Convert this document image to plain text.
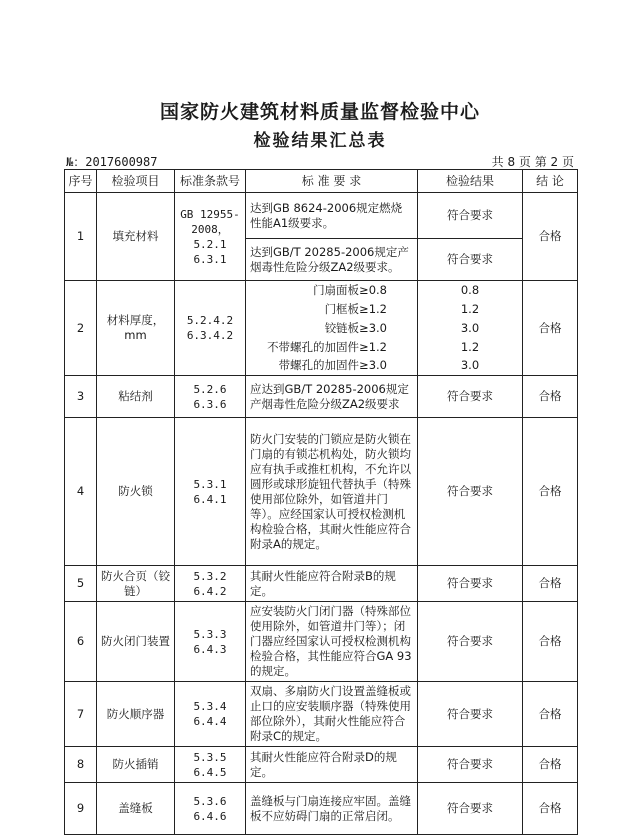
国家防火建筑材料质量监督检验中心
检验结果汇总表
№：2017600987	共 8 页 第 2 页
序号	检验项目	标准条款号	标 准 要 求	检验结果	结 论
1	填充材料	GB 12955-2008，5.2.1 6.3.1	达到GB 8624-2006规定燃烧性能A1级要求。	符合要求	合格
			达到GB/T 20285-2006规定产烟毒性危险分级ZA2级要求。	符合要求	
2	材料厚度，mm	5.2.4.2 6.3.4.2	门扇面板≥0.8	0.8	合格
			门框板≥1.2	1.2	
			铰链板≥3.0	3.0	
			不带螺孔的加固件≥1.2	1.2	
			带螺孔的加固件≥3.0	3.0	
3	粘结剂	5.2.6 6.3.6	应达到GB/T 20285-2006规定产烟毒性危险分级ZA2级要求	符合要求	合格
4	防火锁	5.3.1 6.4.1	防火门安装的门锁应是防火锁在门扇的有锁芯机构处，防火锁均应有执手或推杠机构，不允许以圆形或球形旋钮代替执手（特殊使用部位除外，如管道井门等）。应经国家认可授权检测机构检验合格，其耐火性能应符合附录A的规定。	符合要求	合格
5	防火合页（铰链）	5.3.2 6.4.2	其耐火性能应符合附录B的规定。	符合要求	合格
6	防火闭门装置	5.3.3 6.4.3	应安装防火门闭门器（特殊部位使用除外，如管道井门等）；闭门器应经国家认可授权检测机构检验合格，其性能应符合GA 93的规定。	符合要求	合格
7	防火顺序器	5.3.4 6.4.4	双扇、多扇防火门设置盖缝板或止口的应安装顺序器（特殊使用部位除外），其耐火性能应符合附录C的规定。	符合要求	合格
8	防火插销	5.3.5 6.4.5	其耐火性能应符合附录D的规定。	符合要求	合格
9	盖缝板	5.3.6 6.4.6	盖缝板与门扇连接应牢固。盖缝板不应妨碍门扇的正常启闭。	符合要求	合格
